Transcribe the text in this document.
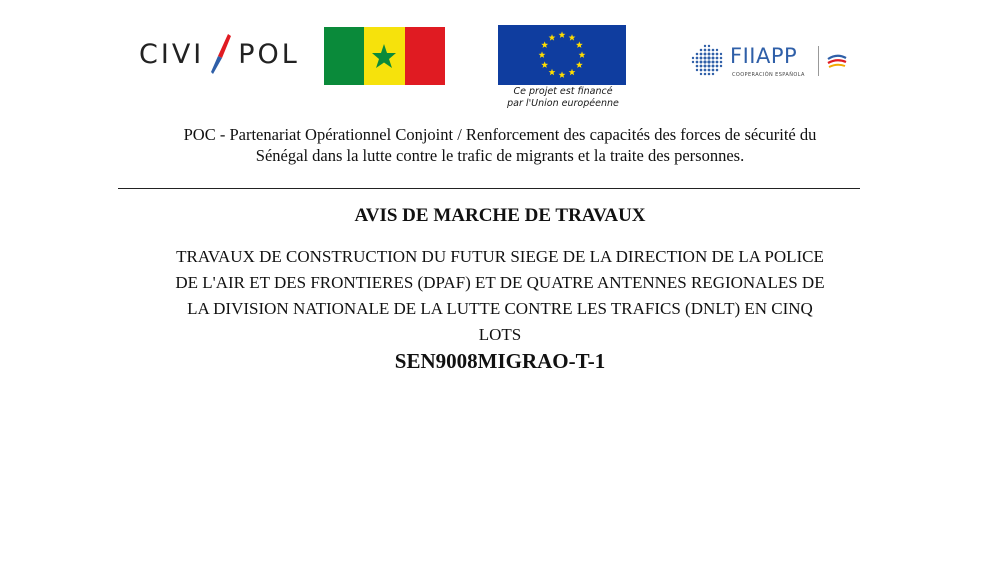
CIVI POL
Ce projet est financé
par l'Union européenne
FIIAPP
COOPERACIÓN ESPAÑOLA
POC - Partenariat Opérationnel Conjoint / Renforcement des capacités des forces de sécurité du
Sénégal dans la lutte contre le trafic de migrants et la traite des personnes.
AVIS DE MARCHE DE TRAVAUX
TRAVAUX DE CONSTRUCTION DU FUTUR SIEGE DE LA DIRECTION DE LA POLICE
DE L'AIR ET DES FRONTIERES (DPAF) ET DE QUATRE ANTENNES REGIONALES DE
LA DIVISION NATIONALE DE LA LUTTE CONTRE LES TRAFICS (DNLT) EN CINQ
LOTS
SEN9008MIGRAO-T-1
